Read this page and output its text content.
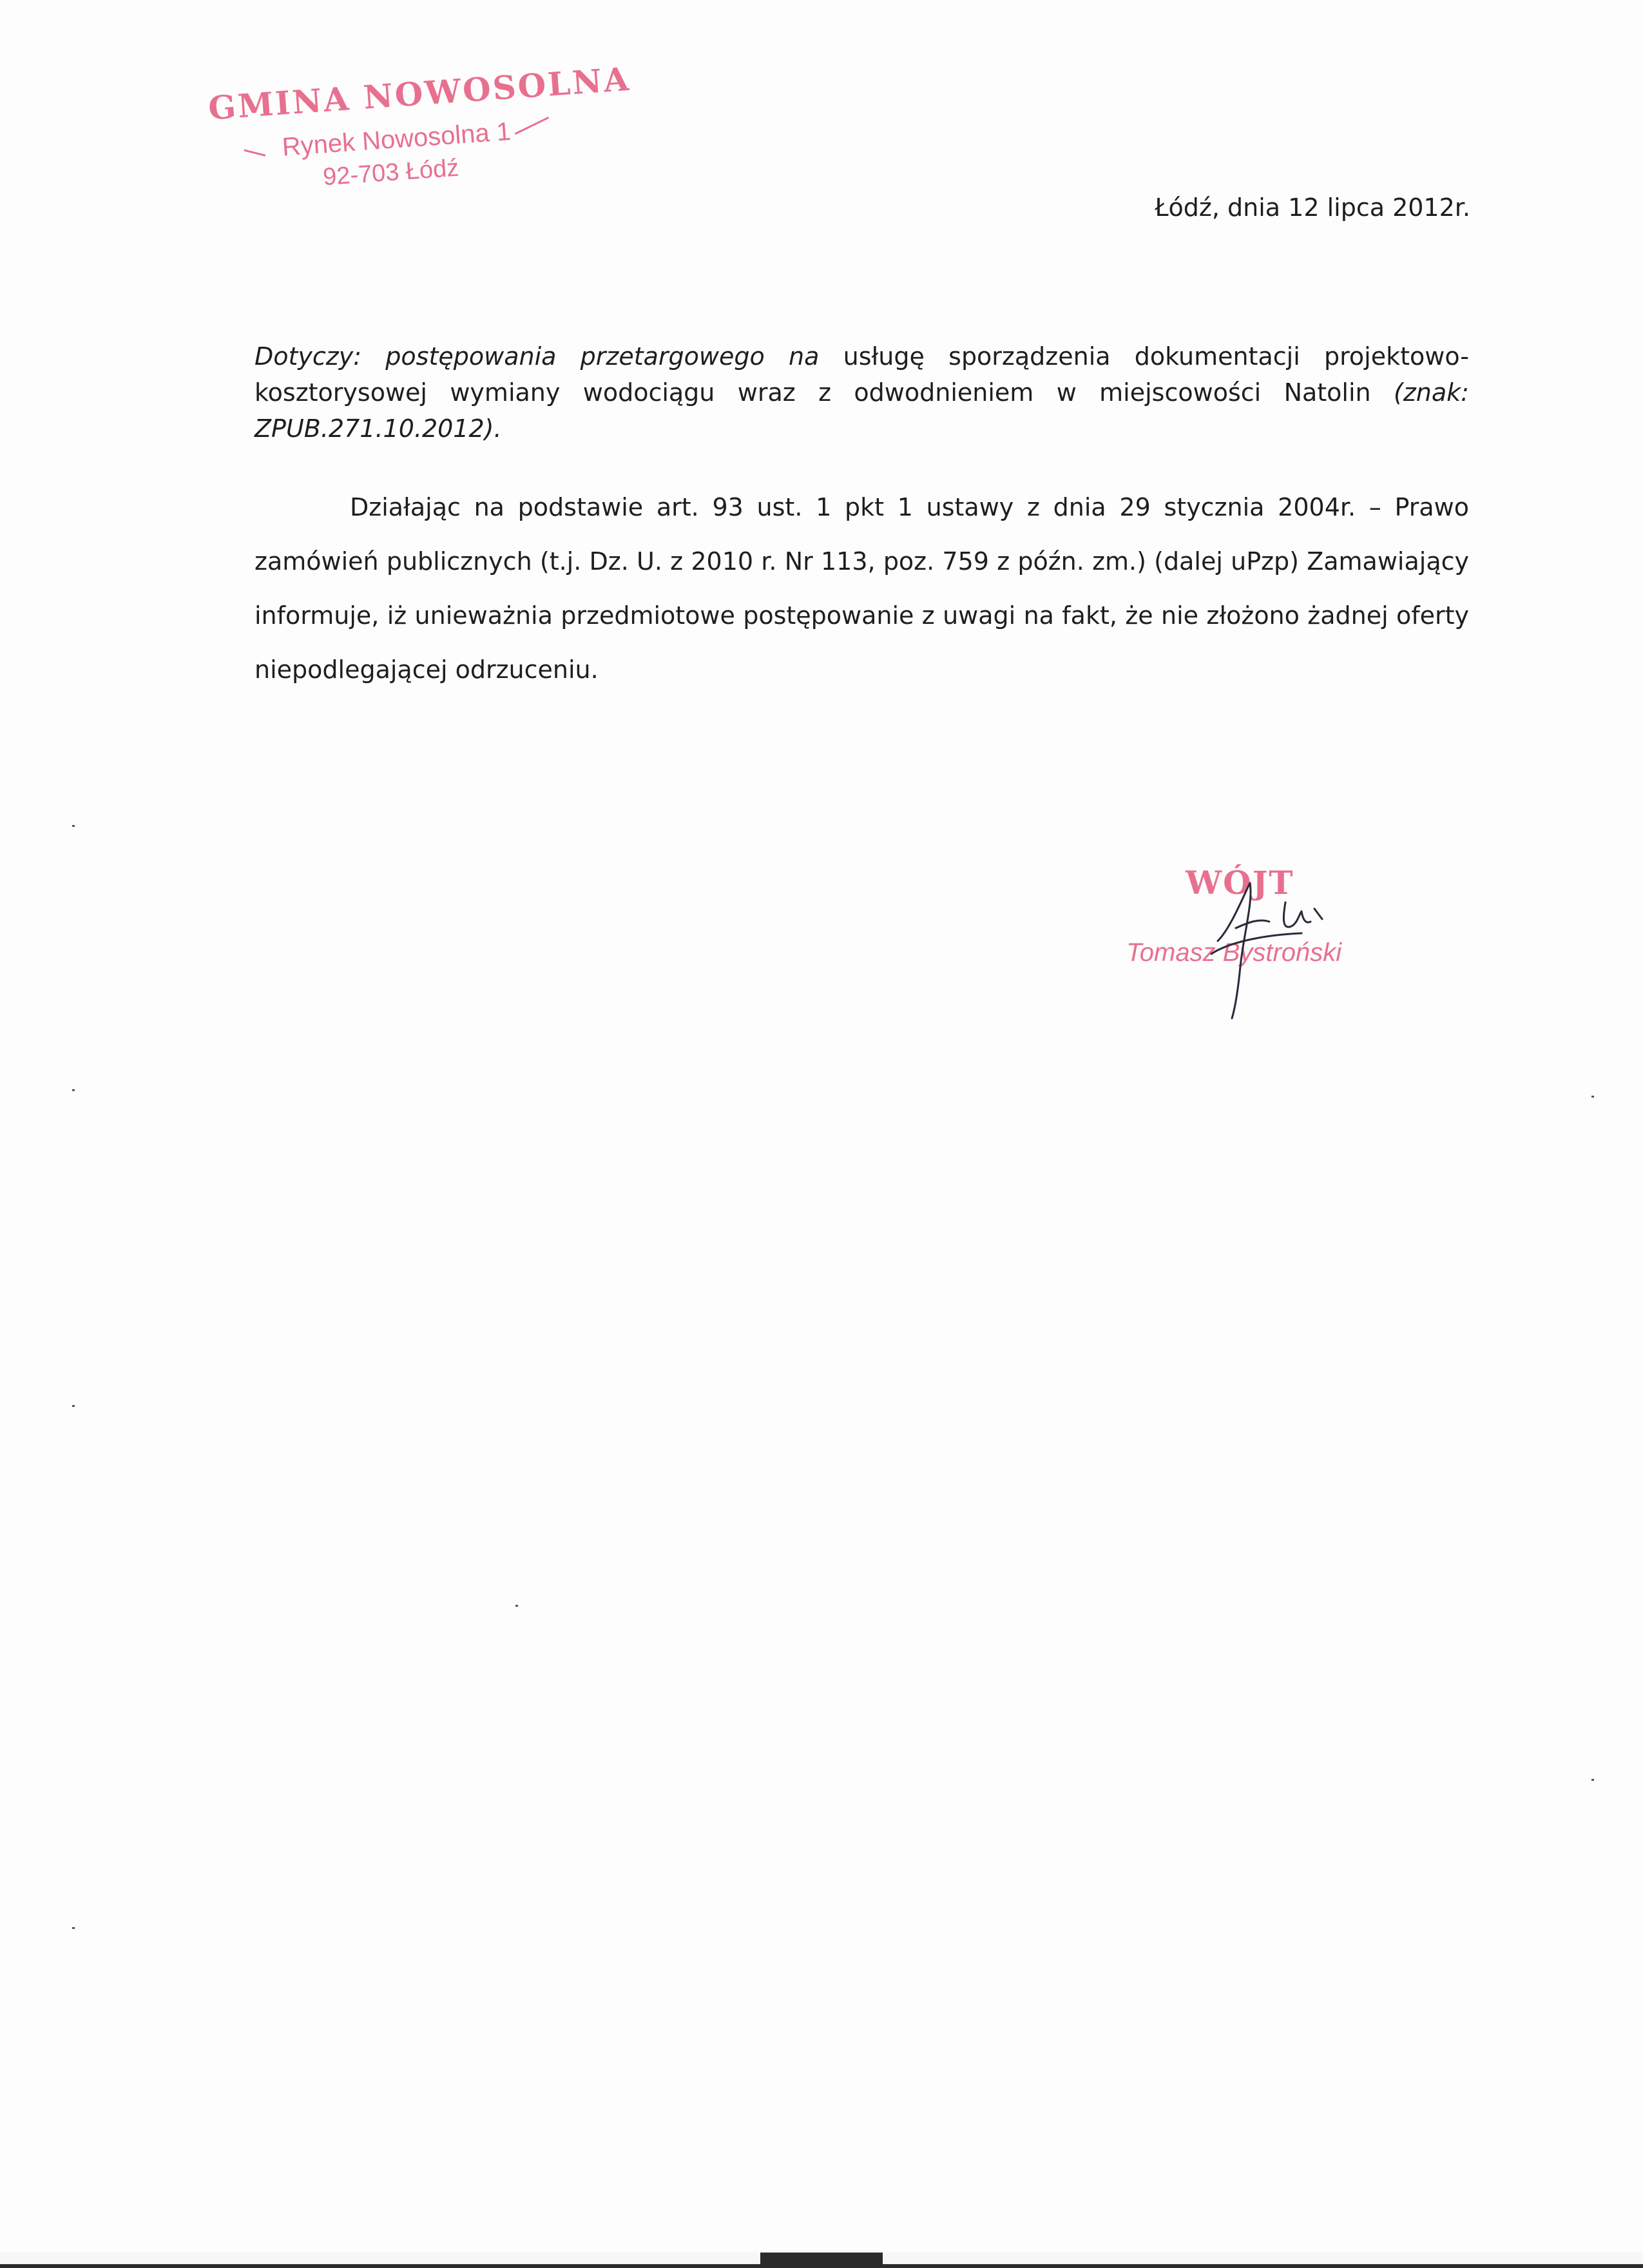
GMINA NOWOSOLNA
Rynek Nowosolna 1
92-703 Łódź
Łódź, dnia 12 lipca 2012r.
Dotyczy: postępowania przetargowego na usługę sporządzenia dokumentacji projektowo-kosztorysowej wymiany wodociągu wraz z odwodnieniem w miejscowości Natolin (znak: ZPUB.271.10.2012).
Działając na podstawie art. 93 ust. 1 pkt 1 ustawy z dnia 29 stycznia 2004r. – Prawo zamówień publicznych (t.j. Dz. U. z 2010 r. Nr 113, poz. 759 z późn. zm.) (dalej uPzp) Zamawiający informuje, iż unieważnia przedmiotowe postępowanie z uwagi na fakt, że nie złożono żadnej oferty niepodlegającej odrzuceniu.
WÓJT
Tomasz Bystroński
